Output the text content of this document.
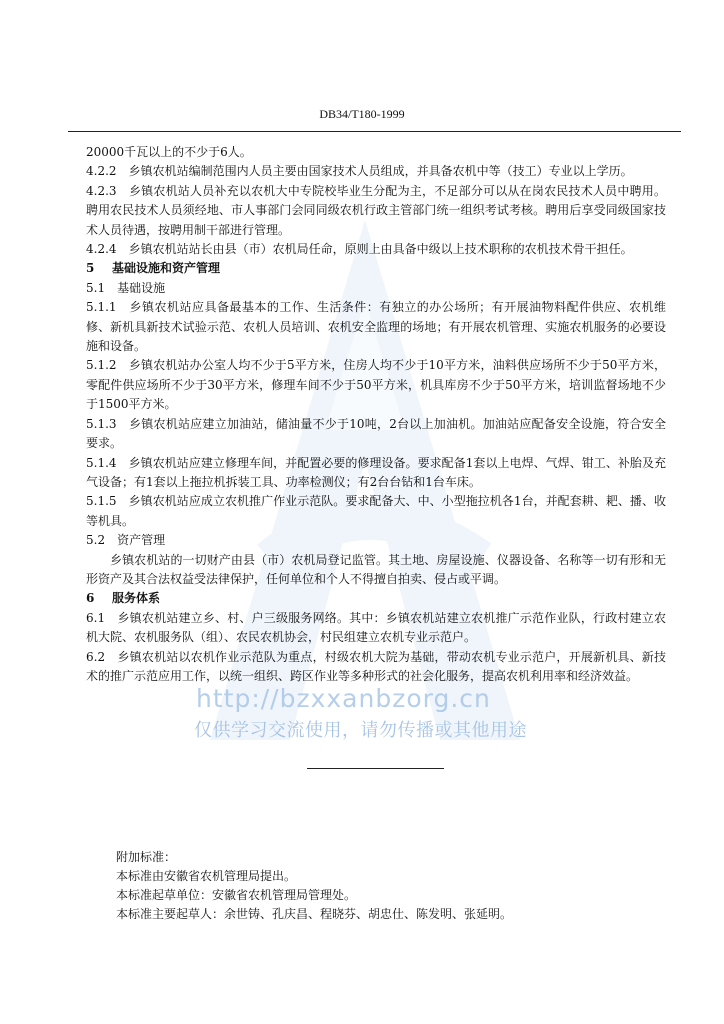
http://bzxxanbzorg.cn
仅供学习交流使用，请勿传播或其他用途
DB34/T180-1999

20000千瓦以上的不少于6人。

4.2.2　 乡镇农机站编制范围内人员主要由国家技术人员组成，并具备农机中等（技工）专业以上学历。

4.2.3　 乡镇农机站人员补充以农机大中专院校毕业生分配为主，不足部分可以从在岗农民技术人员中聘用。聘用农民技术人员须经地、市人事部门会同同级农机行政主管部门统一组织考试考核。聘用后享受同级国家技术人员待遇，按聘用制干部进行管理。

4.2.4　 乡镇农机站站长由县（市）农机局任命，原则上由具备中级以上技术职称的农机技术骨干担任。

5 基础设施和资产管理

5.1　 基础设施

5.1.1　 乡镇农机站应具备最基本的工作、生活条件：有独立的办公场所；有开展油物料配件供应、农机维修、新机具新技术试验示范、农机人员培训、农机安全监理的场地；有开展农机管理、实施农机服务的必要设施和设备。

5.1.2　 乡镇农机站办公室人均不少于5平方米，住房人均不少于10平方米，油料供应场所不少于50平方米，零配件供应场所不少于30平方米，修理车间不少于50平方米，机具库房不少于50平方米，培训监督场地不少于1500平方米。

5.1.3　 乡镇农机站应建立加油站，储油量不少于10吨，2台以上加油机。加油站应配备安全设施，符合安全要求。

5.1.4　 乡镇农机站应建立修理车间，并配置必要的修理设备。要求配备1套以上电焊、气焊、钳工、补胎及充气设备；有1套以上拖拉机拆装工具、功率检测仪；有2台台钻和1台车床。

5.1.5　 乡镇农机站应成立农机推广作业示范队。要求配备大、中、小型拖拉机各1台，并配套耕、耙、播、收等机具。

5.2　 资产管理

乡镇农机站的一切财产由县（市）农机局登记监管。其土地、房屋设施、仪器设备、名称等一切有形和无形资产及其合法权益受法律保护，任何单位和个人不得擅自拍卖、侵占或平调。

6 服务体系

6.1　 乡镇农机站建立乡、村、户三级服务网络。其中：乡镇农机站建立农机推广示范作业队，行政村建立农机大院、农机服务队（组）、农民农机协会，村民组建立农机专业示范户。

6.2　 乡镇农机站以农机作业示范队为重点，村级农机大院为基础，带动农机专业示范户，开展新机具、新技术的推广示范应用工作，以统一组织、跨区作业等多种形式的社会化服务，提高农机利用率和经济效益。

附加标准：

本标准由安徽省农机管理局提出。

本标准起草单位：安徽省农机管理局管理处。

本标准主要起草人：余世铸、孔庆昌、程晓芬、胡忠仕、陈发明、张延明。
